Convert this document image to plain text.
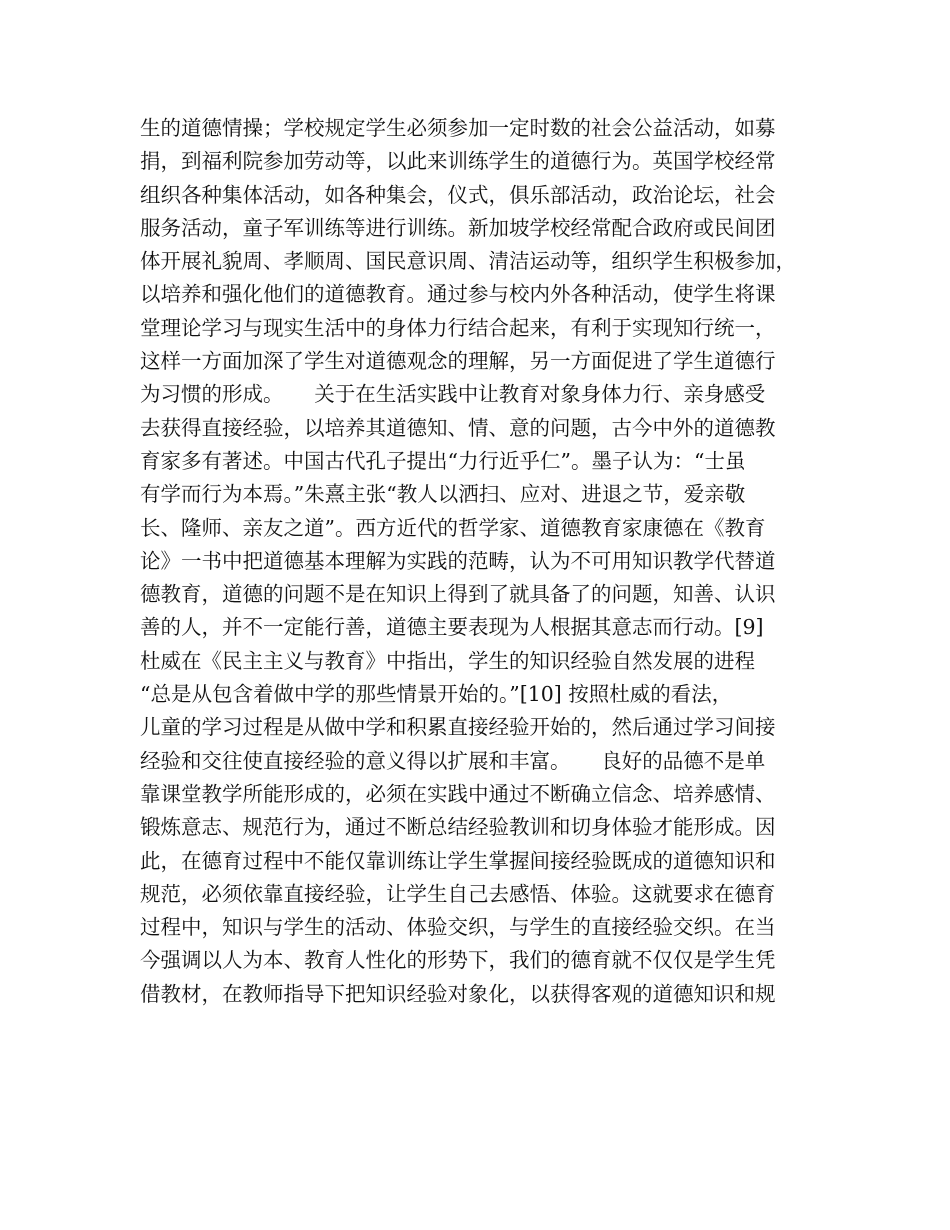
生的道德情操；学校规定学生必须参加一定时数的社会公益活动，如募
捐，到福利院参加劳动等，以此来训练学生的道德行为。英国学校经常
组织各种集体活动，如各种集会，仪式，俱乐部活动，政治论坛，社会
服务活动，童子军训练等进行训练。新加坡学校经常配合政府或民间团
体开展礼貌周、孝顺周、国民意识周、清洁运动等，组织学生积极参加，
以培养和强化他们的道德教育。通过参与校内外各种活动，使学生将课
堂理论学习与现实生活中的身体力行结合起来，有利于实现知行统一，
这样一方面加深了学生对道德观念的理解，另一方面促进了学生道德行
为习惯的形成。　　关于在生活实践中让教育对象身体力行、亲身感受
去获得直接经验，以培养其道德知、情、意的问题，古今中外的道德教
育家多有著述。中国古代孔子提出“力行近乎仁”。墨子认为：“士虽
有学而行为本焉。”朱熹主张“教人以洒扫、应对、进退之节，爱亲敬
长、隆师、亲友之道”。西方近代的哲学家、道德教育家康德在《教育
论》一书中把道德基本理解为实践的范畴，认为不可用知识教学代替道
德教育，道德的问题不是在知识上得到了就具备了的问题，知善、认识
善的人，并不一定能行善，道德主要表现为人根据其意志而行动。[9]
杜威在《民主主义与教育》中指出，学生的知识经验自然发展的进程
“总是从包含着做中学的那些情景开始的。”[10] 按照杜威的看法，
儿童的学习过程是从做中学和积累直接经验开始的，然后通过学习间接
经验和交往使直接经验的意义得以扩展和丰富。　　良好的品德不是单
靠课堂教学所能形成的，必须在实践中通过不断确立信念、培养感情、
锻炼意志、规范行为，通过不断总结经验教训和切身体验才能形成。因
此，在德育过程中不能仅靠训练让学生掌握间接经验既成的道德知识和
规范，必须依靠直接经验，让学生自己去感悟、体验。这就要求在德育
过程中，知识与学生的活动、体验交织，与学生的直接经验交织。在当
今强调以人为本、教育人性化的形势下，我们的德育就不仅仅是学生凭
借教材，在教师指导下把知识经验对象化，以获得客观的道德知识和规
